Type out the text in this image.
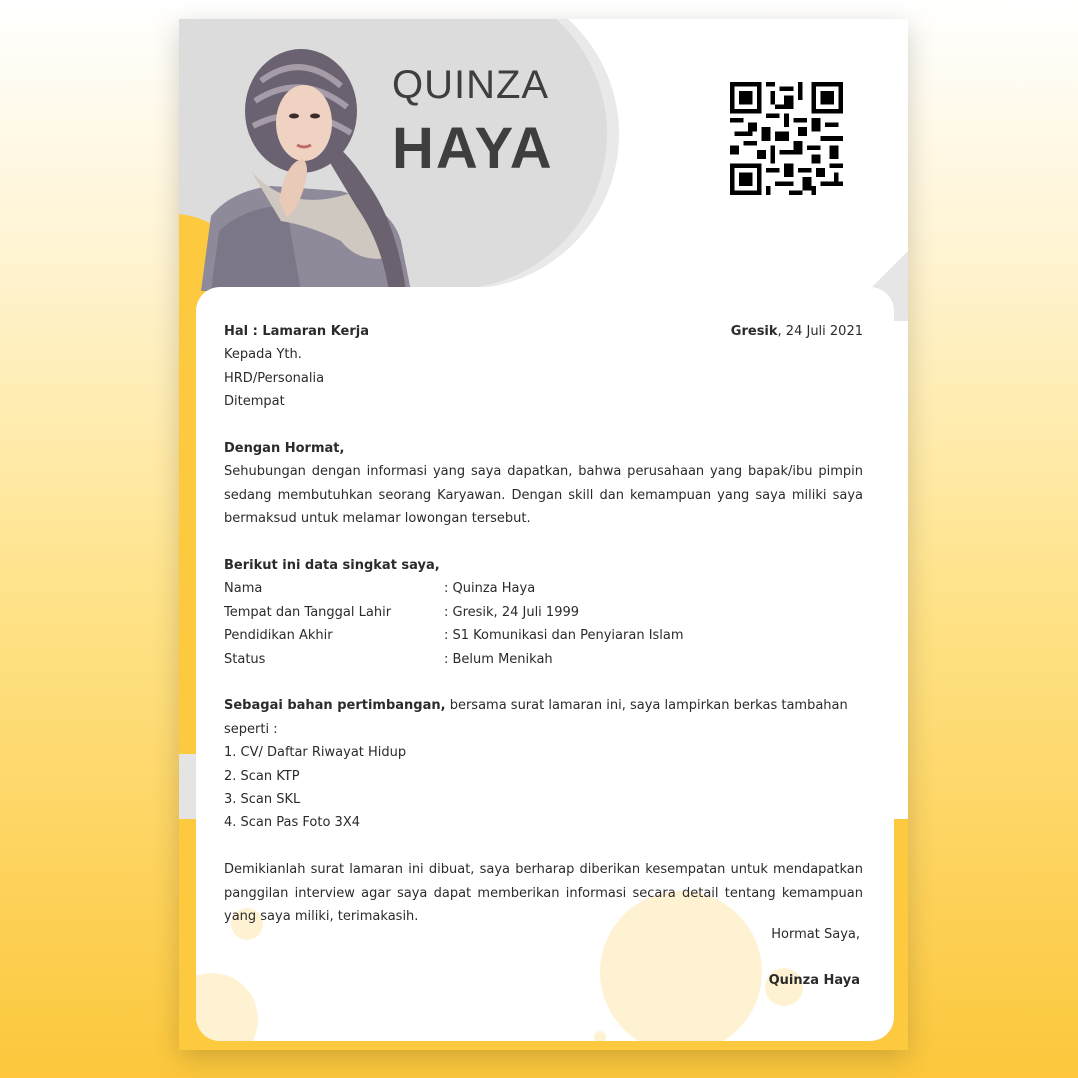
QUINZA
HAYA
Hal : Lamaran Kerja	Gresik, 24 Juli 2021
Kepada Yth.
HRD/Personalia
Ditempat
Dengan Hormat,
Sehubungan dengan informasi yang saya dapatkan, bahwa perusahaan yang bapak/ibu pimpin sedang membutuhkan seorang Karyawan. Dengan skill dan kemampuan yang saya miliki saya bermaksud untuk melamar lowongan tersebut.
Berikut ini data singkat saya,
Nama	: Quinza Haya
Tempat dan Tanggal Lahir	: Gresik, 24 Juli 1999
Pendidikan Akhir	: S1 Komunikasi dan Penyiaran Islam
Status	: Belum Menikah
Sebagai bahan pertimbangan, bersama surat lamaran ini, saya lampirkan berkas tambahan seperti :
1. CV/ Daftar Riwayat Hidup
2. Scan KTP
3. Scan SKL
4. Scan Pas Foto 3X4
Demikianlah surat lamaran ini dibuat, saya berharap diberikan kesempatan untuk mendapatkan panggilan interview agar saya dapat memberikan informasi secara detail tentang kemampuan yang saya miliki, terimakasih.
Hormat Saya,
Quinza Haya
